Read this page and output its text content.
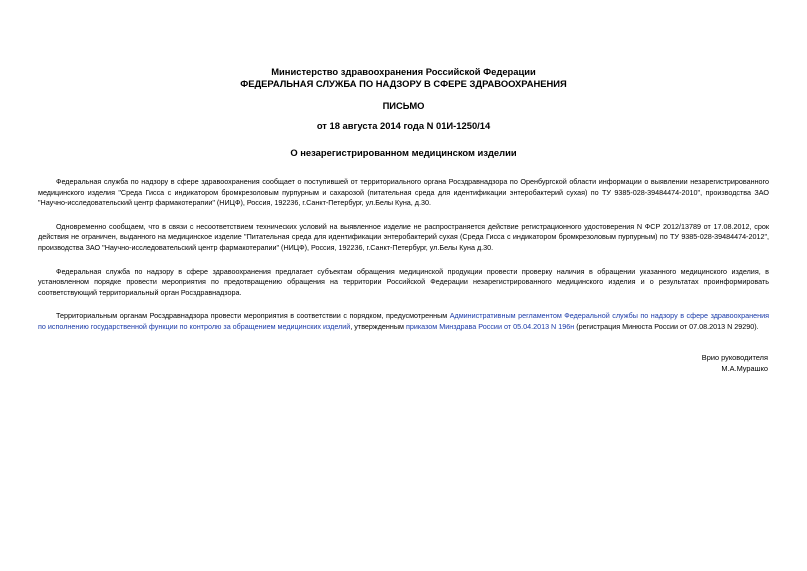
Министерство здравоохранения Российской Федерации
ФЕДЕРАЛЬНАЯ СЛУЖБА ПО НАДЗОРУ В СФЕРЕ ЗДРАВООХРАНЕНИЯ
ПИСЬМО
от 18 августа 2014 года N 01И-1250/14
О незарегистрированном медицинском изделии

Федеральная служба по надзору в сфере здравоохранения сообщает о поступившей от территориального органа Росздравнадзора по Оренбургской области информации о выявлении незарегистрированного медицинского изделия "Среда Гисса с индикатором бромкрезоловым пурпурным и сахарозой (питательная среда для идентификации энтеробактерий сухая) по ТУ 9385-028-39484474-2010", производства ЗАО "Научно-исследовательский центр фармакотерапии" (НИЦФ), Россия, 192236, г.Санкт-Петербург, ул.Белы Куна, д.30.

Одновременно сообщаем, что в связи с несоответствием технических условий на выявленное изделие не распространяется действие регистрационного удостоверения N ФСР 2012/13789 от 17.08.2012, срок действия не ограничен, выданного на медицинское изделие "Питательная среда для идентификации энтеробактерий сухая (Среда Гисса с индикатором бромкрезоловым пурпурным) по ТУ 9385-028-39484474-2012", производства ЗАО "Научно-исследовательский центр фармакотерапии" (НИЦФ), Россия, 192236, г.Санкт-Петербург, ул.Белы Куна д.30.

Федеральная служба по надзору в сфере здравоохранения предлагает субъектам обращения медицинской продукции провести проверку наличия в обращении указанного медицинского изделия, в установленном порядке провести мероприятия по предотвращению обращения на территории Российской Федерации незарегистрированного медицинского изделия и о результатах проинформировать соответствующий территориальный орган Росздравнадзора.

Территориальным органам Росздравнадзора провести мероприятия в соответствии с порядком, предусмотренным Административным регламентом Федеральной службы по надзору в сфере здравоохранения по исполнению государственной функции по контролю за обращением медицинских изделий, утвержденным приказом Минздрава России от 05.04.2013 N 196н (регистрация Минюста России от 07.08.2013 N 29290).

Врио руководителя
М.А.Мурашко
